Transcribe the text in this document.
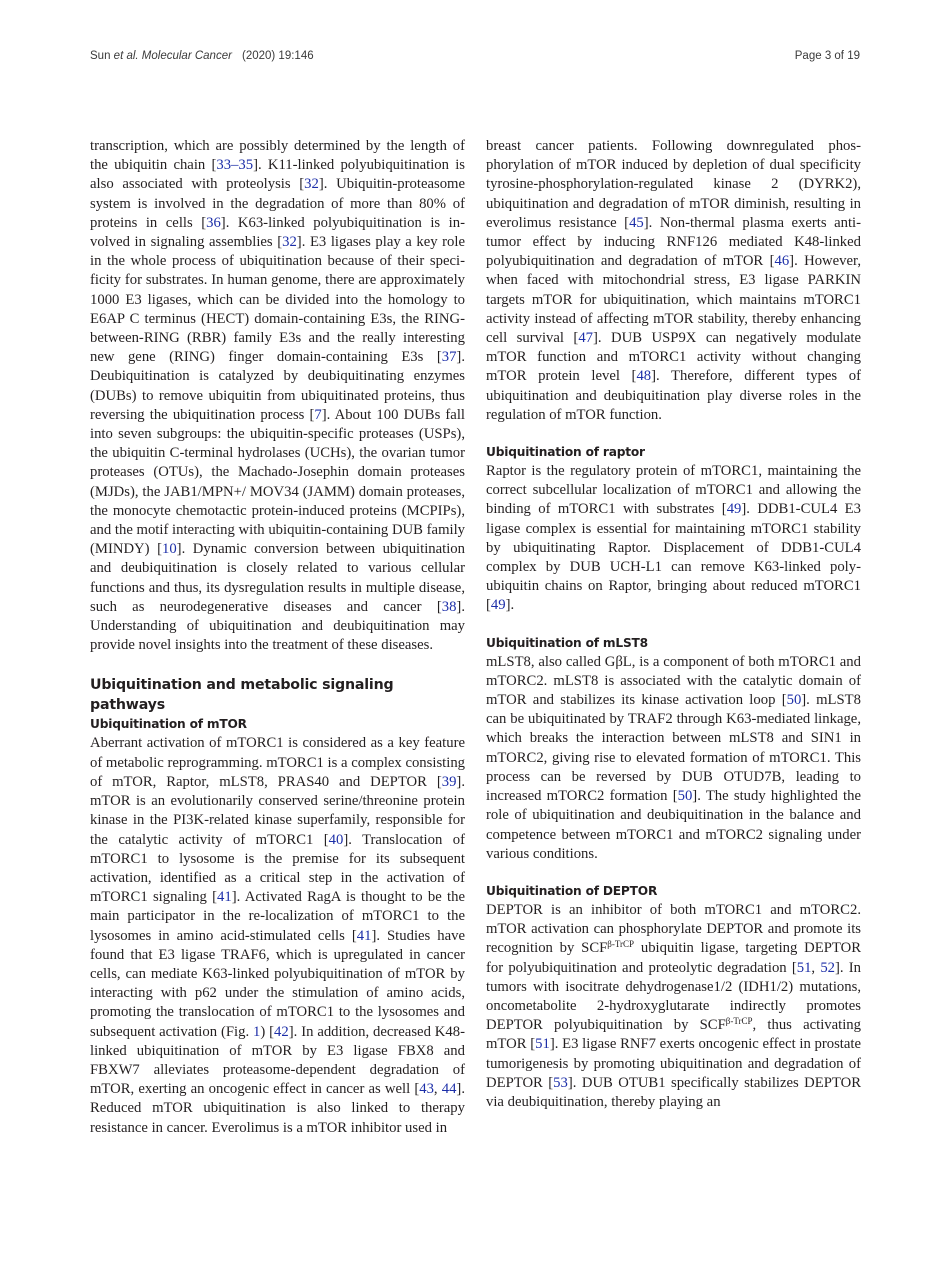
Sun et al. Molecular Cancer (2020) 19:146	Page 3 of 19

transcription, which are possibly determined by the length of the ubiquitin chain [33–35]. K11-linked polyubiquitination is also associated with proteolysis [32]. Ubiquitin-proteasome system is involved in the degradation of more than 80% of proteins in cells [36]. K63-linked polyubiquitination is involved in signaling assemblies [32]. E3 ligases play a key role in the whole process of ubiquitination because of their specificity for substrates. In human genome, there are approximately 1000 E3 ligases, which can be divided into the homology to E6AP C terminus (HECT) domain-containing E3s, the RING-between-RING (RBR) family E3s and the really interesting new gene (RING) finger domain-containing E3s [37]. Deubiquitination is catalyzed by deubiquitinating enzymes (DUBs) to remove ubiquitin from ubiquitinated proteins, thus reversing the ubiquitination process [7]. About 100 DUBs fall into seven subgroups: the ubiquitin-specific proteases (USPs), the ubiquitin C-terminal hydrolases (UCHs), the ovarian tumor proteases (OTUs), the Machado-Josephin domain proteases (MJDs), the JAB1/MPN+/ MOV34 (JAMM) domain proteases, the monocyte chemotactic protein-induced proteins (MCPIPs), and the motif interacting with ubiquitin-containing DUB family (MINDY) [10]. Dynamic conversion between ubiquitination and deubiquitination is closely related to various cellular functions and thus, its dysregulation results in multiple disease, such as neurodegenerative diseases and cancer [38]. Understanding of ubiquitination and deubiquitination may provide novel insights into the treatment of these diseases.

Ubiquitination and metabolic signaling pathways
Ubiquitination of mTOR

Aberrant activation of mTORC1 is considered as a key feature of metabolic reprogramming. mTORC1 is a complex consisting of mTOR, Raptor, mLST8, PRAS40 and DEPTOR [39]. mTOR is an evolutionarily conserved serine/threonine protein kinase in the PI3K-related kinase superfamily, responsible for the catalytic activity of mTORC1 [40]. Translocation of mTORC1 to lysosome is the premise for its subsequent activation, identified as a critical step in the activation of mTORC1 signaling [41]. Activated RagA is thought to be the main participator in the re-localization of mTORC1 to the lysosomes in amino acid-stimulated cells [41]. Studies have found that E3 ligase TRAF6, which is upregulated in cancer cells, can mediate K63-linked polyubiquitination of mTOR by interacting with p62 under the stimulation of amino acids, promoting the translocation of mTORC1 to the lysosomes and subsequent activation (Fig. 1) [42]. In addition, decreased K48-linked ubiquitination of mTOR by E3 ligase FBX8 and FBXW7 alleviates proteasome-dependent degradation of mTOR, exerting an oncogenic effect in cancer as well [43, 44]. Reduced mTOR ubiquitination is also linked to therapy resistance in cancer. Everolimus is a mTOR inhibitor used in

breast cancer patients. Following downregulated phosphorylation of mTOR induced by depletion of dual specificity tyrosine-phosphorylation-regulated kinase 2 (DYRK2), ubiquitination and degradation of mTOR diminish, resulting in everolimus resistance [45]. Non-thermal plasma exerts anti-tumor effect by inducing RNF126 mediated K48-linked polyubiquitination and degradation of mTOR [46]. However, when faced with mitochondrial stress, E3 ligase PARKIN targets mTOR for ubiquitination, which maintains mTORC1 activity instead of affecting mTOR stability, thereby enhancing cell survival [47]. DUB USP9X can negatively modulate mTOR function and mTORC1 activity without changing mTOR protein level [48]. Therefore, different types of ubiquitination and deubiquitination play diverse roles in the regulation of mTOR function.

Ubiquitination of raptor

Raptor is the regulatory protein of mTORC1, maintaining the correct subcellular localization of mTORC1 and allowing the binding of mTORC1 with substrates [49]. DDB1-CUL4 E3 ligase complex is essential for maintaining mTORC1 stability by ubiquitinating Raptor. Displacement of DDB1-CUL4 complex by DUB UCH-L1 can remove K63-linked poly-ubiquitin chains on Raptor, bringing about reduced mTORC1 [49].

Ubiquitination of mLST8

mLST8, also called GβL, is a component of both mTORC1 and mTORC2. mLST8 is associated with the catalytic domain of mTOR and stabilizes its kinase activation loop [50]. mLST8 can be ubiquitinated by TRAF2 through K63-mediated linkage, which breaks the interaction between mLST8 and SIN1 in mTORC2, giving rise to elevated formation of mTORC1. This process can be reversed by DUB OTUD7B, leading to increased mTORC2 formation [50]. The study highlighted the role of ubiquitination and deubiquitination in the balance and competence between mTORC1 and mTORC2 signaling under various conditions.

Ubiquitination of DEPTOR

DEPTOR is an inhibitor of both mTORC1 and mTORC2. mTOR activation can phosphorylate DEPTOR and promote its recognition by $SCF^{\beta-TrCP}$ ubiquitin ligase, targeting DEPTOR for polyubiquitination and proteolytic degradation [51, 52]. In tumors with isocitrate dehydrogenase1/2 (IDH1/2) mutations, oncometabolite 2-hydroxyglutarate indirectly promotes DEPTOR polyubiquitination by $SCF^{\beta-TrCP}$, thus activating mTOR [51]. E3 ligase RNF7 exerts oncogenic effect in prostate tumorigenesis by promoting ubiquitination and degradation of DEPTOR [53]. DUB OTUB1 specifically stabilizes DEPTOR via deubiquitination, thereby playing an
